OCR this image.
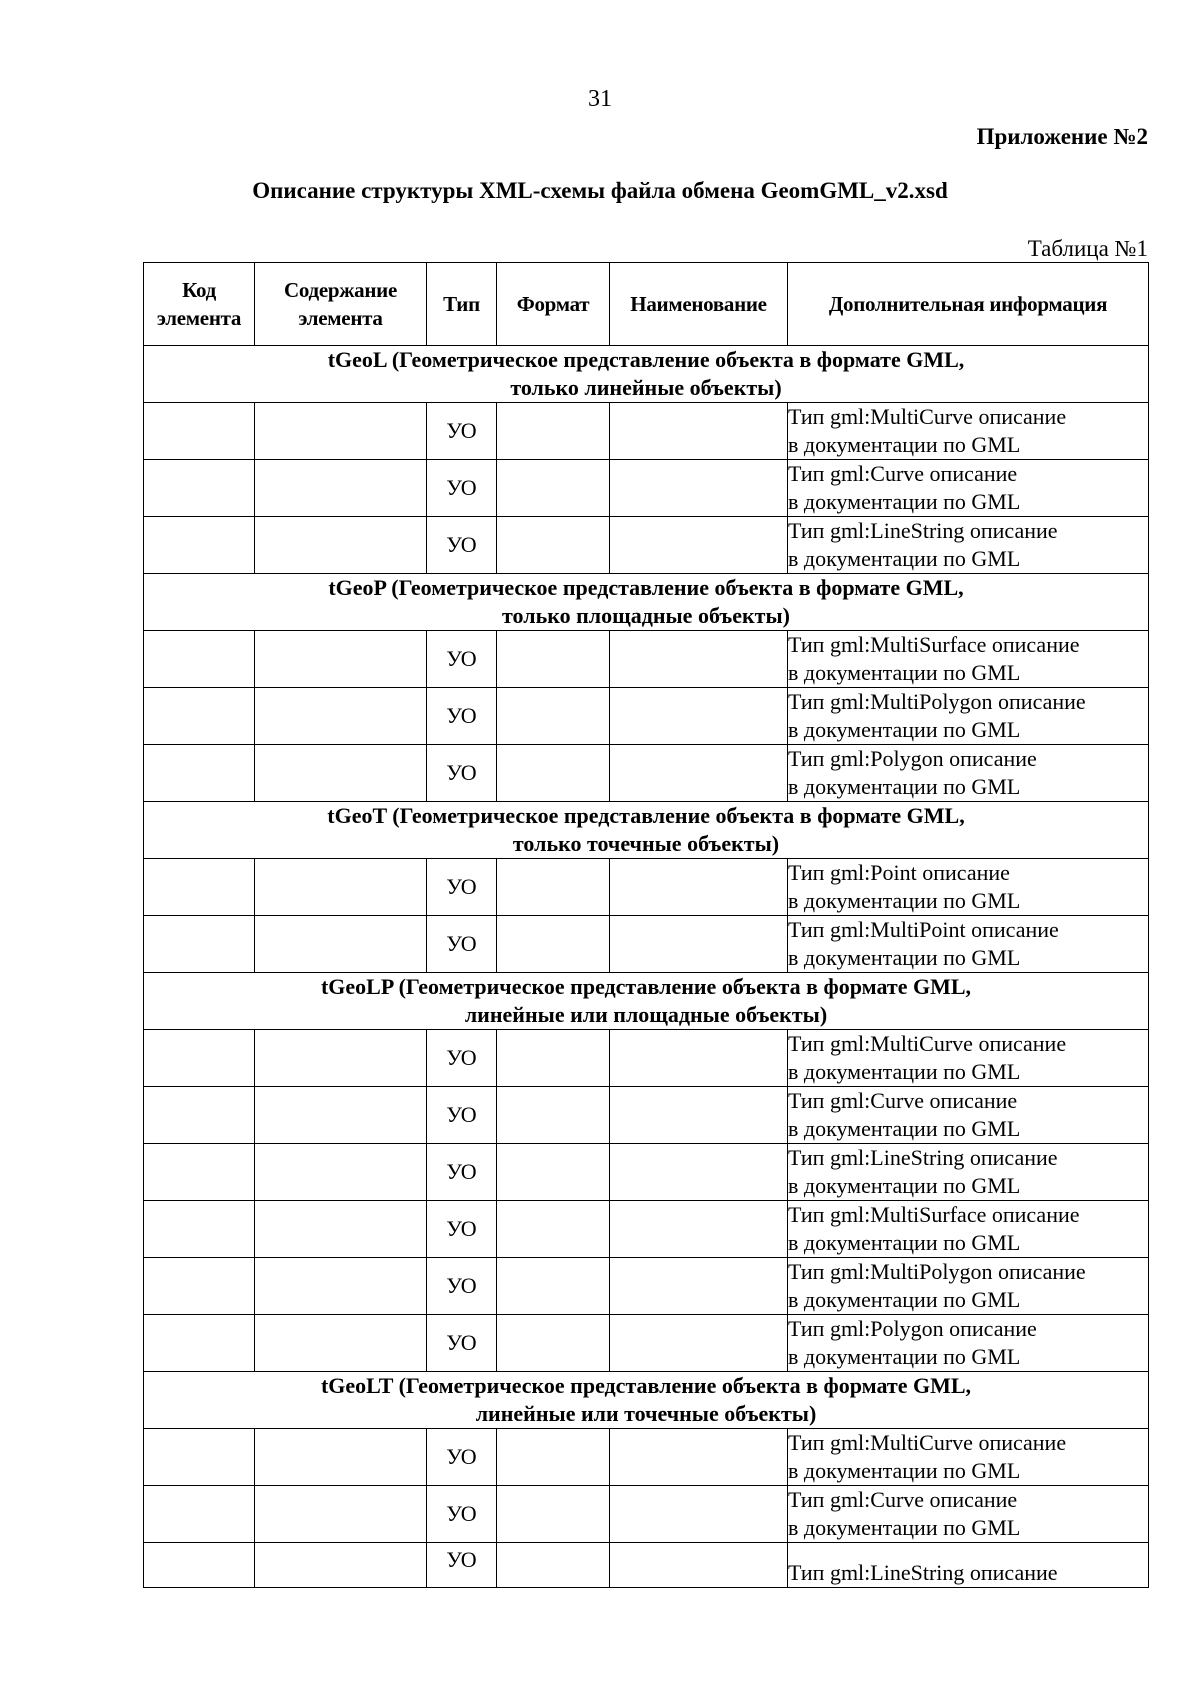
31
Приложение №2
Описание структуры XML-схемы файла обмена GeomGML_v2.xsd
Таблица №1
Код элемента	Содержание элемента	Тип	Формат	Наименование	Дополнительная информация

tGeoL (Геометрическое представление объекта в формате GML,
только линейные объекты)					

		УО			Тип gml:MultiCurve описание
в документации по GML

		УО			Тип gml:Curve описание
в документации по GML

		УО			Тип gml:LineString описание
в документации по GML

tGeoP (Геометрическое представление объекта в формате GML,
только площадные объекты)					

		УО			Тип gml:MultiSurface описание
в документации по GML

		УО			Тип gml:MultiPolygon описание
в документации по GML

		УО			Тип gml:Polygon описание
в документации по GML

tGeoT (Геометрическое представление объекта в формате GML,
только точечные объекты)					

		УО			Тип gml:Point описание
в документации по GML

		УО			Тип gml:MultiPoint описание
в документации по GML

tGeoLP (Геометрическое представление объекта в формате GML,
линейные или площадные объекты)					

		УО			Тип gml:MultiCurve описание
в документации по GML

		УО			Тип gml:Curve описание
в документации по GML

		УО			Тип gml:LineString описание
в документации по GML

		УО			Тип gml:MultiSurface описание
в документации по GML

		УО			Тип gml:MultiPolygon описание
в документации по GML

		УО			Тип gml:Polygon описание
в документации по GML

tGeoLT (Геометрическое представление объекта в формате GML,
линейные или точечные объекты)					

		УО			Тип gml:MultiCurve описание
в документации по GML

		УО			Тип gml:Curve описание
в документации по GML

		УО			Тип gml:LineString описание
